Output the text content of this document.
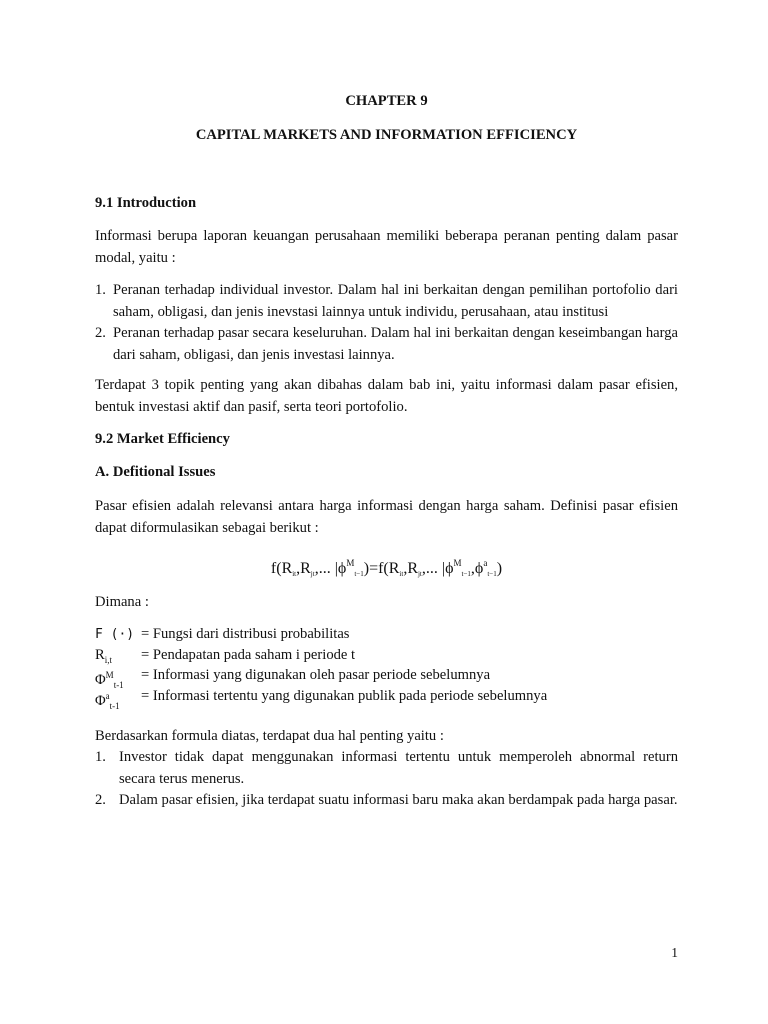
CHAPTER 9
CAPITAL MARKETS AND INFORMATION EFFICIENCY
9.1 Introduction

Informasi berupa laporan keuangan perusahaan memiliki beberapa peranan penting dalam pasar modal, yaitu :

1. Peranan terhadap individual investor. Dalam hal ini berkaitan dengan pemilihan portofolio dari saham, obligasi, dan jenis inevstasi lainnya untuk individu, perusahaan, atau institusi
2. Peranan terhadap pasar secara keseluruhan. Dalam hal ini berkaitan dengan keseimbangan harga dari saham, obligasi, dan jenis investasi lainnya.

Terdapat 3 topik penting yang akan dibahas dalam bab ini, yaitu informasi dalam pasar efisien, bentuk investasi aktif dan pasif, serta teori portofolio.

9.2 Market Efficiency
A. Defitional Issues

Pasar efisien adalah relevansi antara harga informasi dengan harga saham. Definisi pasar efisien dapat diformulasikan sebagai berikut :

$f(R_{it},R_{jt}$,... $|\phi^M_{t-1})=f(R_{it},R_{jt}$,... $|\phi^M_{t-1},\phi^a_{t-1}$)
Dimana :
F (·) = Fungsi dari distribusi probabilitas
$R_{i,t}$	= Pendapatan pada saham i periode t
$\Phi^M_{t-1}$
= Informasi yang digunakan oleh pasar periode sebelumnya
$\Phi^a_{t-1}$
= Informasi tertentu yang digunakan publik pada periode sebelumnya
Berdasarkan formula diatas, terdapat dua hal penting yaitu :
1. Investor tidak dapat menggunakan informasi tertentu untuk memperoleh abnormal return secara terus menerus.
2. Dalam pasar efisien, jika terdapat suatu informasi baru maka akan berdampak pada harga pasar.
1
